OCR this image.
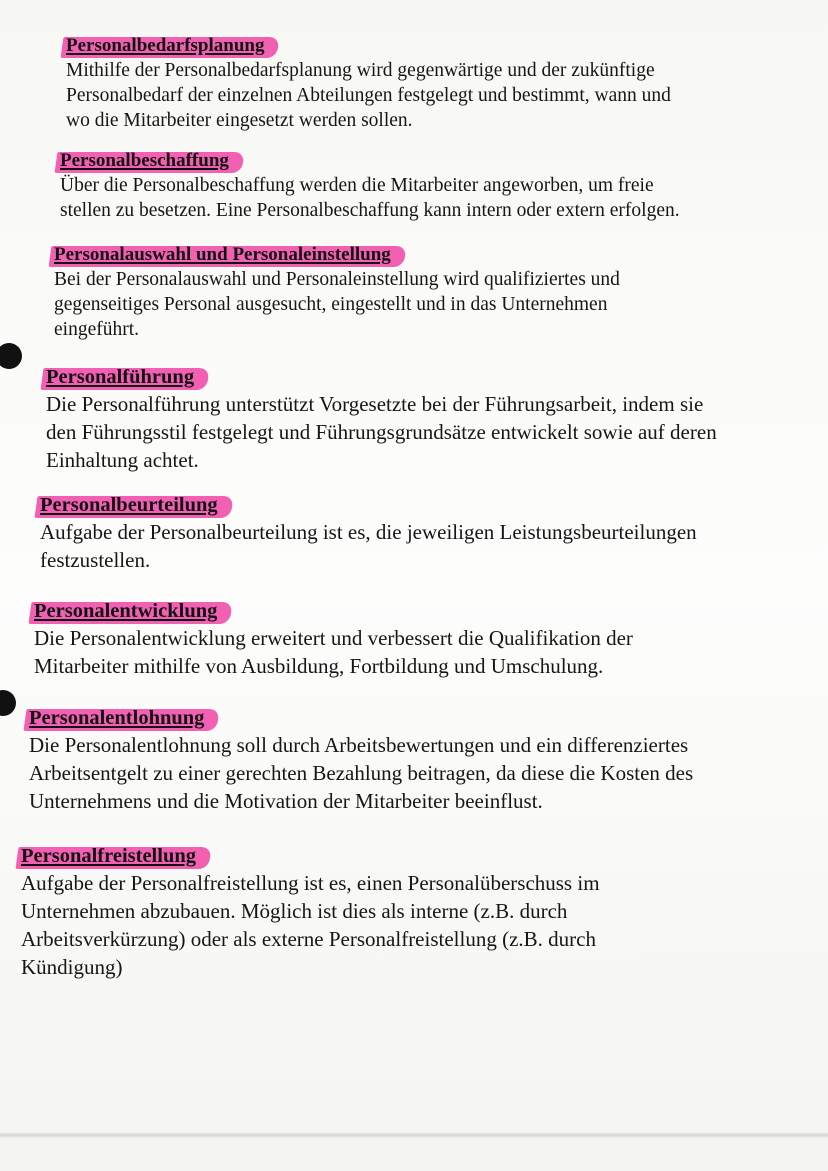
Personalbedarfsplanung

Mithilfe der Personalbedarfsplanung wird gegenwärtige und der zukünftige

Personalbedarf der einzelnen Abteilungen festgelegt und bestimmt, wann und

wo die Mitarbeiter eingesetzt werden sollen.

Personalbeschaffung

Über die Personalbeschaffung werden die Mitarbeiter angeworben, um freie

stellen zu besetzen. Eine Personalbeschaffung kann intern oder extern erfolgen.

Personalauswahl und Personaleinstellung

Bei der Personalauswahl und Personaleinstellung wird qualifiziertes und

gegenseitiges Personal ausgesucht, eingestellt und in das Unternehmen

eingeführt.

Personalführung

Die Personalführung unterstützt Vorgesetzte bei der Führungsarbeit, indem sie

den Führungsstil festgelegt und Führungsgrundsätze entwickelt sowie auf deren

Einhaltung achtet.

Personalbeurteilung

Aufgabe der Personalbeurteilung ist es, die jeweiligen Leistungsbeurteilungen

festzustellen.

Personalentwicklung

Die Personalentwicklung erweitert und verbessert die Qualifikation der

Mitarbeiter mithilfe von Ausbildung, Fortbildung und Umschulung.

Personalentlohnung

Die Personalentlohnung soll durch Arbeitsbewertungen und ein differenziertes

Arbeitsentgelt zu einer gerechten Bezahlung beitragen, da diese die Kosten des

Unternehmens und die Motivation der Mitarbeiter beeinflust.

Personalfreistellung

Aufgabe der Personalfreistellung ist es, einen Personalüberschuss im

Unternehmen abzubauen. Möglich ist dies als interne (z.B. durch

Arbeitsverkürzung) oder als externe Personalfreistellung (z.B. durch

Kündigung)
